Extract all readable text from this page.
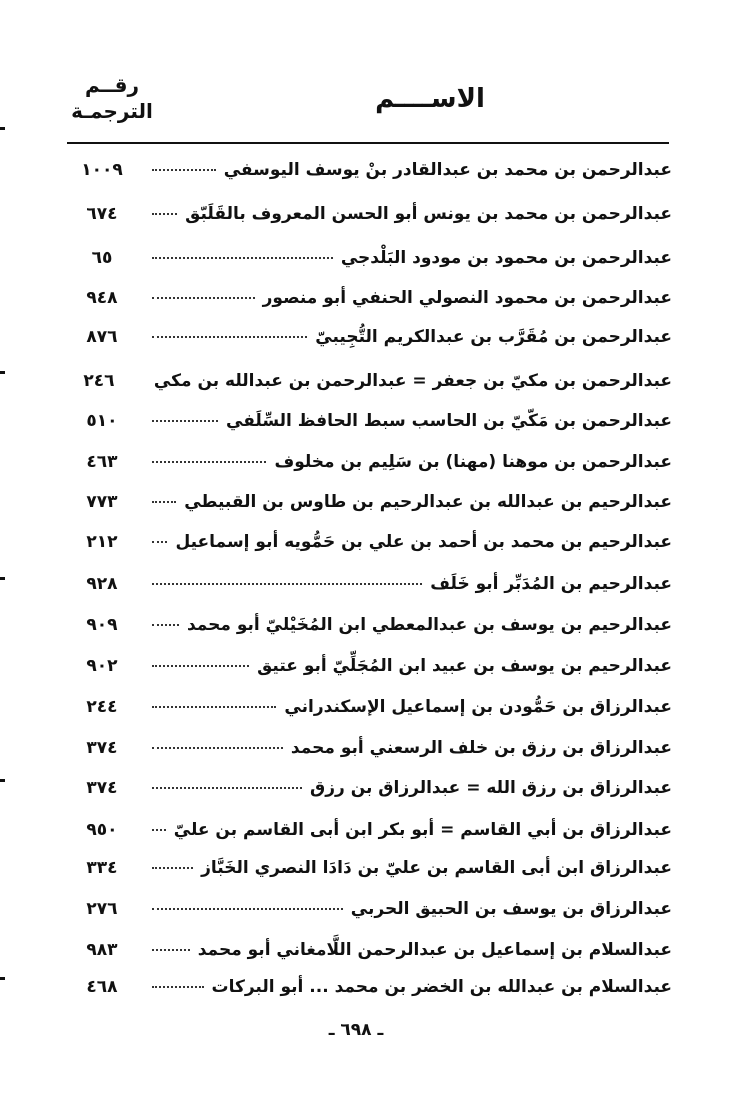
الاســــم
رقــم
الترجمـة
عبدالرحمن بن محمد بن عبدالقادر بنْ يوسف اليوسفي
١٠٠٩
عبدالرحمن بن محمد بن يونس أبو الحسن المعروف بالقَلَبّق
٦٧٤
عبدالرحمن بن محمود بن مودود البَلْدجي
٦٥
عبدالرحمن بن محمود النصولي الحنفي أبو منصور
٩٤٨
عبدالرحمن بن مُقَرَّب بن عبدالكريم التُّجِيبيّ
٨٧٦
عبدالرحمن بن مكيّ بن جعفر = عبدالرحمن بن عبدالله بن مكي
٢٤٦
عبدالرحمن بن مَكّيّ بن الحاسب سبط الحافظ السِّلَفي
٥١٠
عبدالرحمن بن موهنا (مهنا) بن سَلِيم بن مخلوف
٤٦٣
عبدالرحيم بن عبدالله بن عبدالرحيم بن طاوس بن القبيطي
٧٧٣
عبدالرحيم بن محمد بن أحمد بن علي بن حَمُّويه أبو إسماعيل
٢١٢
عبدالرحيم بن المُدَبِّر أبو خَلَف
٩٢٨
عبدالرحيم بن يوسف بن عبدالمعطي ابن المُخَيْليّ أبو محمد
٩٠٩
عبدالرحيم بن يوسف بن عبيد ابن المُجَلِّيّ أبو عتيق
٩٠٢
عبدالرزاق بن حَمُّودن بن إسماعيل الإسكندراني
٢٤٤
عبدالرزاق بن رزق بن خلف الرسعني أبو محمد
٣٧٤
عبدالرزاق بن رزق الله = عبدالرزاق بن رزق
٣٧٤
عبدالرزاق بن أبي القاسم = أبو بكر ابن أبى القاسم بن عليّ
٩٥٠
عبدالرزاق ابن أبى القاسم بن عليّ بن دَادَا النصري الخَبَّاز
٣٣٤
عبدالرزاق بن يوسف بن الحبيق الحربي
٢٧٦
عبدالسلام بن إسماعيل بن عبدالرحمن اللَّامغاني أبو محمد
٩٨٣
عبدالسلام بن عبدالله بن الخضر بن محمد ... أبو البركات
٤٦٨
ـ ٦٩٨ ـ
